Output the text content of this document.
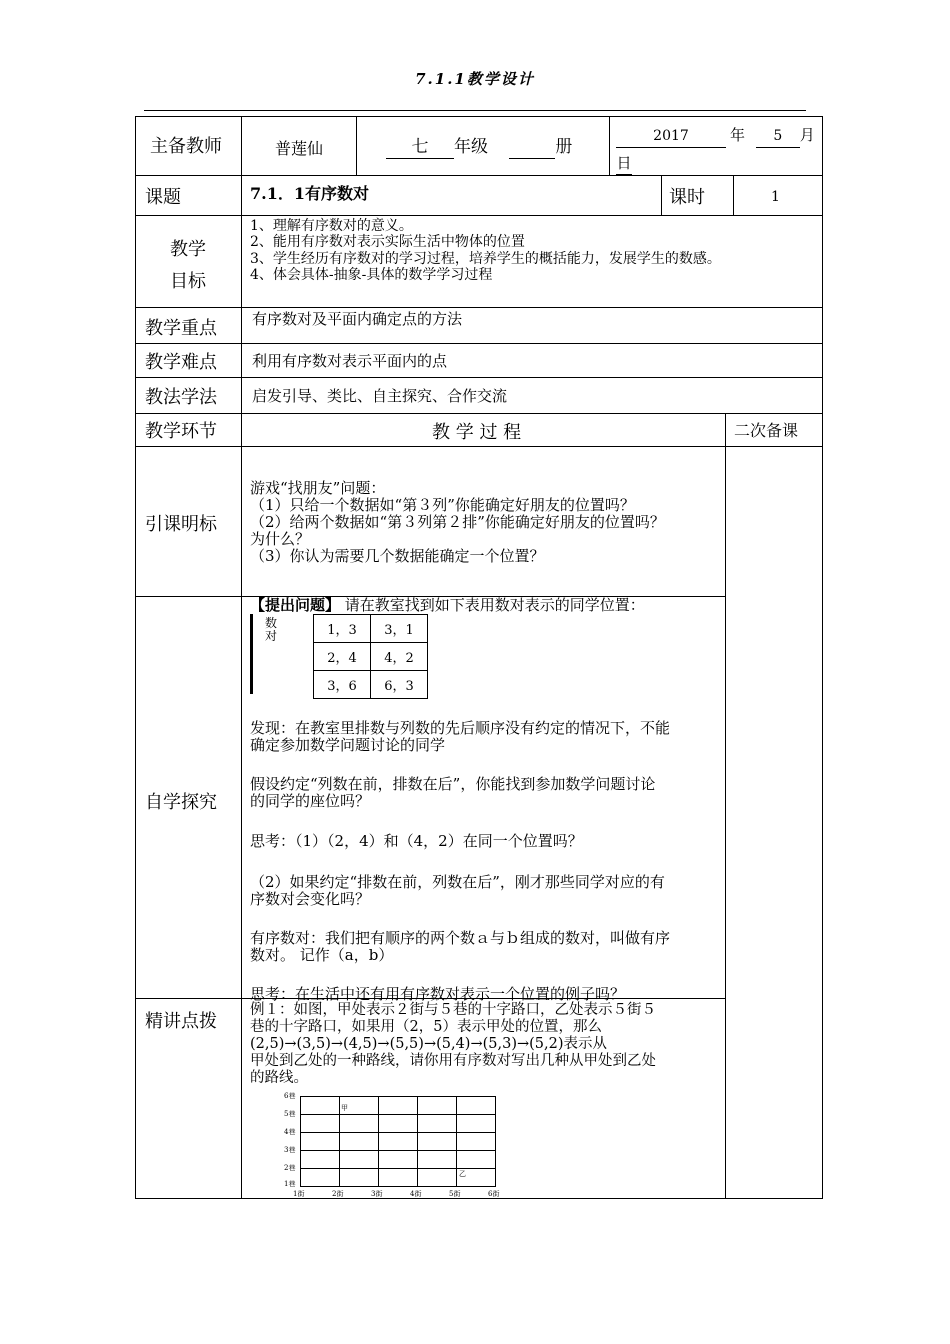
7.1.1教学设计
主备教师	普莲仙	七 年级	册
2017	年 5 月
日
课题	7.1．1有序数对	课时	1
教学
目标
1、理解有序数对的意义。
2、能用有序数对表示实际生活中物体的位置
3、学生经历有序数对的学习过程，培养学生的概括能力，发展学生的数感。
4、体会具体-抽象-具体的数学学习过程
教学重点 有序数对及平面内确定点的方法
教学难点 利用有序数对表示平面内的点
教法学法 启发引导、类比、自主探究、合作交流
教学环节	教 学 过 程	二次备课
引课明标
游戏“找朋友”问题：
（1）只给一个数据如“第３列”你能确定好朋友的位置吗？
（2）给两个数据如“第３列第２排”你能确定好朋友的位置吗？
为什么？
（3）你认为需要几个数据能确定一个位置？
自学探究
【提出问题】 请在教室找到如下表用数对表示的同学位置：
数
对	1，3	3，1
2，4	4，2
3，6	6，3
发现：在教室里排数与列数的先后顺序没有约定的情况下，不能
确定参加数学问题讨论的同学
假设约定“列数在前，排数在后”，你能找到参加数学问题讨论
的同学的座位吗？
思考：（1）（2，4）和（4，2）在同一个位置吗？
（2）如果约定“排数在前，列数在后”，刚才那些同学对应的有
序数对会变化吗？
有序数对：我们把有顺序的两个数ａ与ｂ组成的数对，叫做有序
数对。 记作（a，b）
思考：在生活中还有用有序数对表示一个位置的例子吗？
精讲点拨
例１：如图，甲处表示２街与５巷的十字路口，乙处表示５街５
巷的十字路口，如果用（2，5）表示甲处的位置，那么
(2,5)→(3,5)→(4,5)→(5,5)→(5,4)→(5,3)→(5,2)表示从
甲处到乙处的一种路线，请你用有序数对写出几种从甲处到乙处
的路线。
6巷
5巷
4巷
3巷
2巷
1巷
1街	2街	3街	4街	5街	6街
甲
乙
